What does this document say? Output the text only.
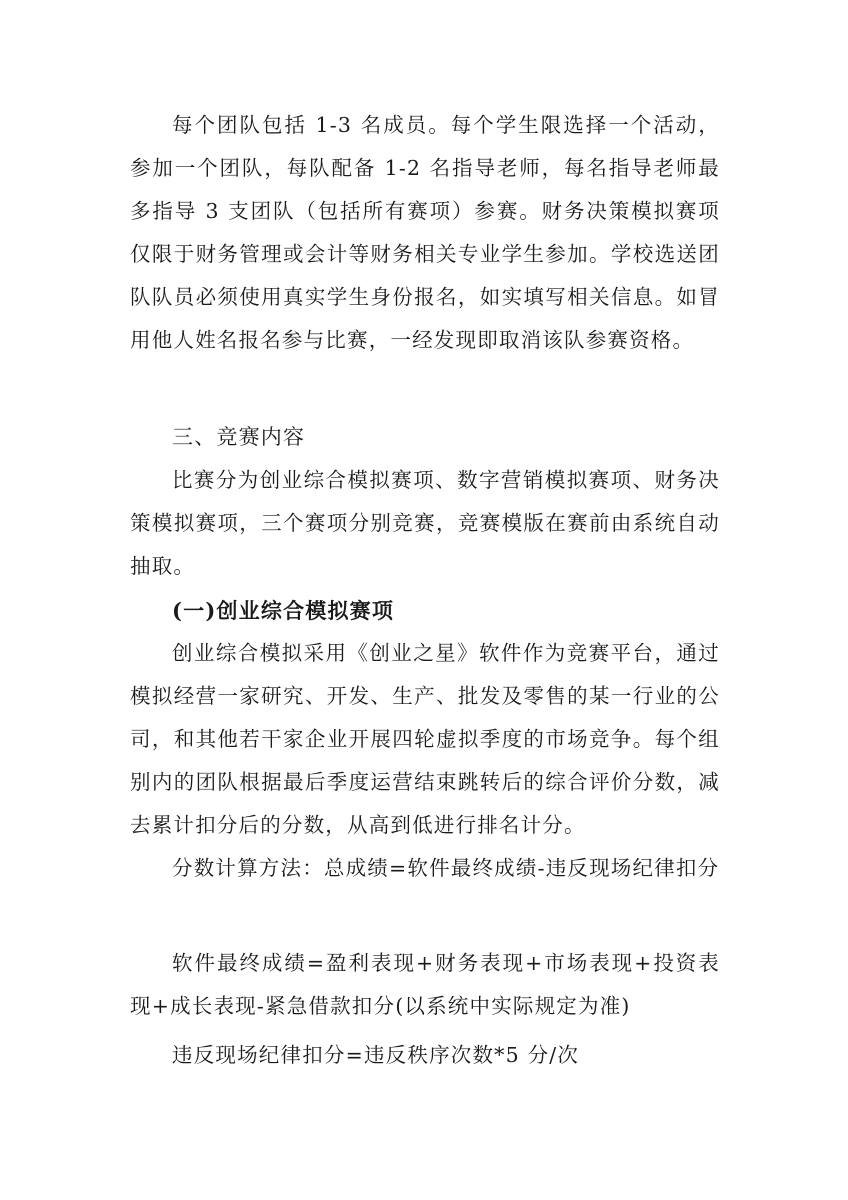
每个团队包括 1-3 名成员。每个学生限选择一个活动，参加一个团队，每队配备 1-2 名指导老师，每名指导老师最多指导 3 支团队（包括所有赛项）参赛。财务决策模拟赛项仅限于财务管理或会计等财务相关专业学生参加。学校选送团队队员必须使用真实学生身份报名，如实填写相关信息。如冒用他人姓名报名参与比赛，一经发现即取消该队参赛资格。

三、竞赛内容

比赛分为创业综合模拟赛项、数字营销模拟赛项、财务决策模拟赛项，三个赛项分别竞赛，竞赛模版在赛前由系统自动抽取。

(一)创业综合模拟赛项

创业综合模拟采用《创业之星》软件作为竞赛平台，通过模拟经营一家研究、开发、生产、批发及零售的某一行业的公司，和其他若干家企业开展四轮虚拟季度的市场竞争。每个组别内的团队根据最后季度运营结束跳转后的综合评价分数，减去累计扣分后的分数，从高到低进行排名计分。

分数计算方法：总成绩=软件最终成绩-违反现场纪律扣分

软件最终成绩=盈利表现+财务表现+市场表现+投资表现+成长表现-紧急借款扣分(以系统中实际规定为准)

违反现场纪律扣分=违反秩序次数*5 分/次
